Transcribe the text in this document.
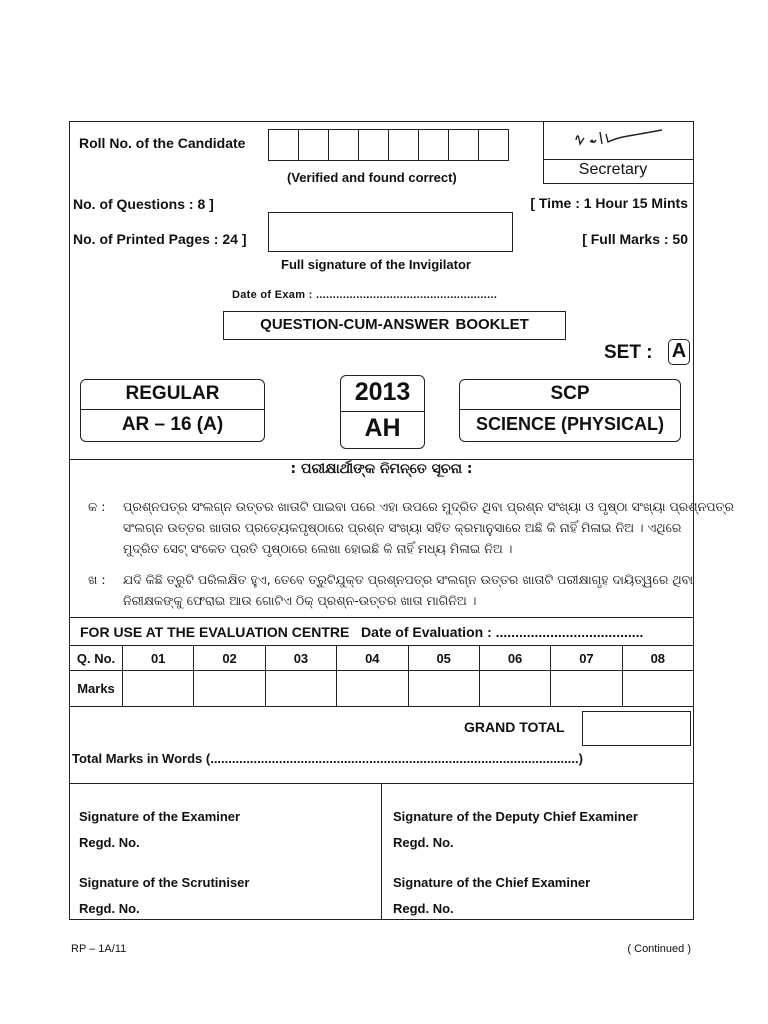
Roll No. of the Candidate
Secretary
(Verified and found correct)
No. of Questions : 8 ]	[ Time : 1 Hour 15 Mints
No. of Printed Pages : 24 ]	[ Full Marks : 50
Full signature of the Invigilator
Date of Exam : ......................................................
QUESTION-CUM-ANSWER BOOKLET
SET : A
REGULAR
AR – 16 (A)
2013
AH
SCP
SCIENCE (PHYSICAL)
: ପରୀକ୍ଷାର୍ଥୀଙ୍କ ନିମନ୍ତେ ସୂଚନା :
କ : ପ୍ରଶ୍ନପତ୍ର ସଂଲଗ୍ନ ଉତ୍ତର ଖାତାଟି ପାଇବା ପରେ ଏହା ଉପରେ ମୁଦ୍ରିତ ଥିବା ପ୍ରଶ୍ନ ସଂଖ୍ୟା ଓ ପୃଷ୍ଠା ସଂଖ୍ୟା ପ୍ରଶ୍ନପତ୍ର
ସଂଲଗ୍ନ ଉତ୍ତର ଖାତାର ପ୍ରତ୍ୟେକପୃଷ୍ଠାରେ ପ୍ରଶ୍ନ ସଂଖ୍ୟା ସହିତ କ୍ରମାନୁସାରେ ଅଛି କି ନାହିଁ ମିଳାଇ ନିଅ । ଏଥିରେ
ମୁଦ୍ରିତ ସେଟ୍ ସଂକେତ ପ୍ରତି ପୃଷ୍ଠାରେ ଲେଖା ହୋଇଛି କି ନାହିଁ ମଧ୍ୟ ମିଳାଇ ନିଅ ।
ଖ : ଯଦି କିଛି ତ୍ରୁଟି ପରିଲକ୍ଷିତ ହୁଏ, ତେବେ ତ୍ରୁଟିଯୁକ୍ତ ପ୍ରଶ୍ନପତ୍ର ସଂଲଗ୍ନ ଉତ୍ତର ଖାତାଟି ପରୀକ୍ଷାଗୃହ ଦାୟିତ୍ୱରେ ଥିବା
ନିରୀକ୍ଷକଙ୍କୁ ଫେରାଇ ଆଉ ଗୋଟିଏ ଠିକ୍ ପ୍ରଶ୍ନ-ଉତ୍ତର ଖାତା ମାଗିନିଅ ।
FOR USE AT THE EVALUATION CENTRE Date of Evaluation : ......................................
Q. No.	01	02	03	04	05	06	07	08
Marks								
GRAND TOTAL
Total Marks in Words (......................................................................................................)
Signature of the Examiner
Regd. No.
Signature of the Scrutiniser
Regd. No.
Signature of the Deputy Chief Examiner
Regd. No.
Signature of the Chief Examiner
Regd. No.
RP – 1A/11	( Continued )
